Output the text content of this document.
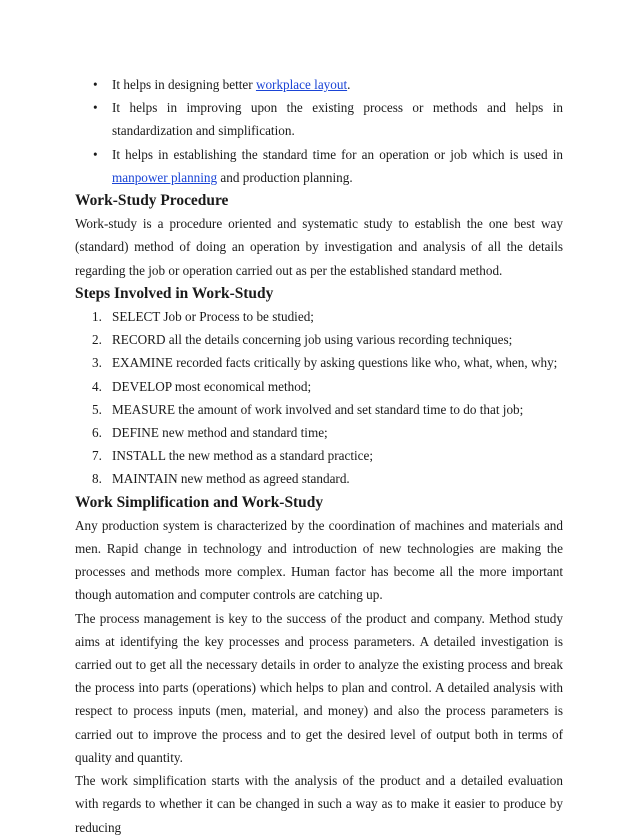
• It helps in designing better workplace layout.
• It helps in improving upon the existing process or methods and helps in standardization and simplification.
• It helps in establishing the standard time for an operation or job which is used in manpower planning and production planning.
Work-Study Procedure

Work-study is a procedure oriented and systematic study to establish the one best way (standard) method of doing an operation by investigation and analysis of all the details regarding the job or operation carried out as per the established standard method.

Steps Involved in Work-Study
1. SELECT Job or Process to be studied;
2. RECORD all the details concerning job using various recording techniques;
3. EXAMINE recorded facts critically by asking questions like who, what, when, why;
4. DEVELOP most economical method;
5. MEASURE the amount of work involved and set standard time to do that job;
6. DEFINE new method and standard time;
7. INSTALL the new method as a standard practice;
8. MAINTAIN new method as agreed standard.
Work Simplification and Work-Study

Any production system is characterized by the coordination of machines and materials and men. Rapid change in technology and introduction of new technologies are making the processes and methods more complex. Human factor has become all the more important though automation and computer controls are catching up.

The process management is key to the success of the product and company. Method study aims at identifying the key processes and process parameters. A detailed investigation is carried out to get all the necessary details in order to analyze the existing process and break the process into parts (operations) which helps to plan and control. A detailed analysis with respect to process inputs (men, material, and money) and also the process parameters is carried out to improve the process and to get the desired level of output both in terms of quality and quantity.

The work simplification starts with the analysis of the product and a detailed evaluation with regards to whether it can be changed in such a way as to make it easier to produce by reducing
